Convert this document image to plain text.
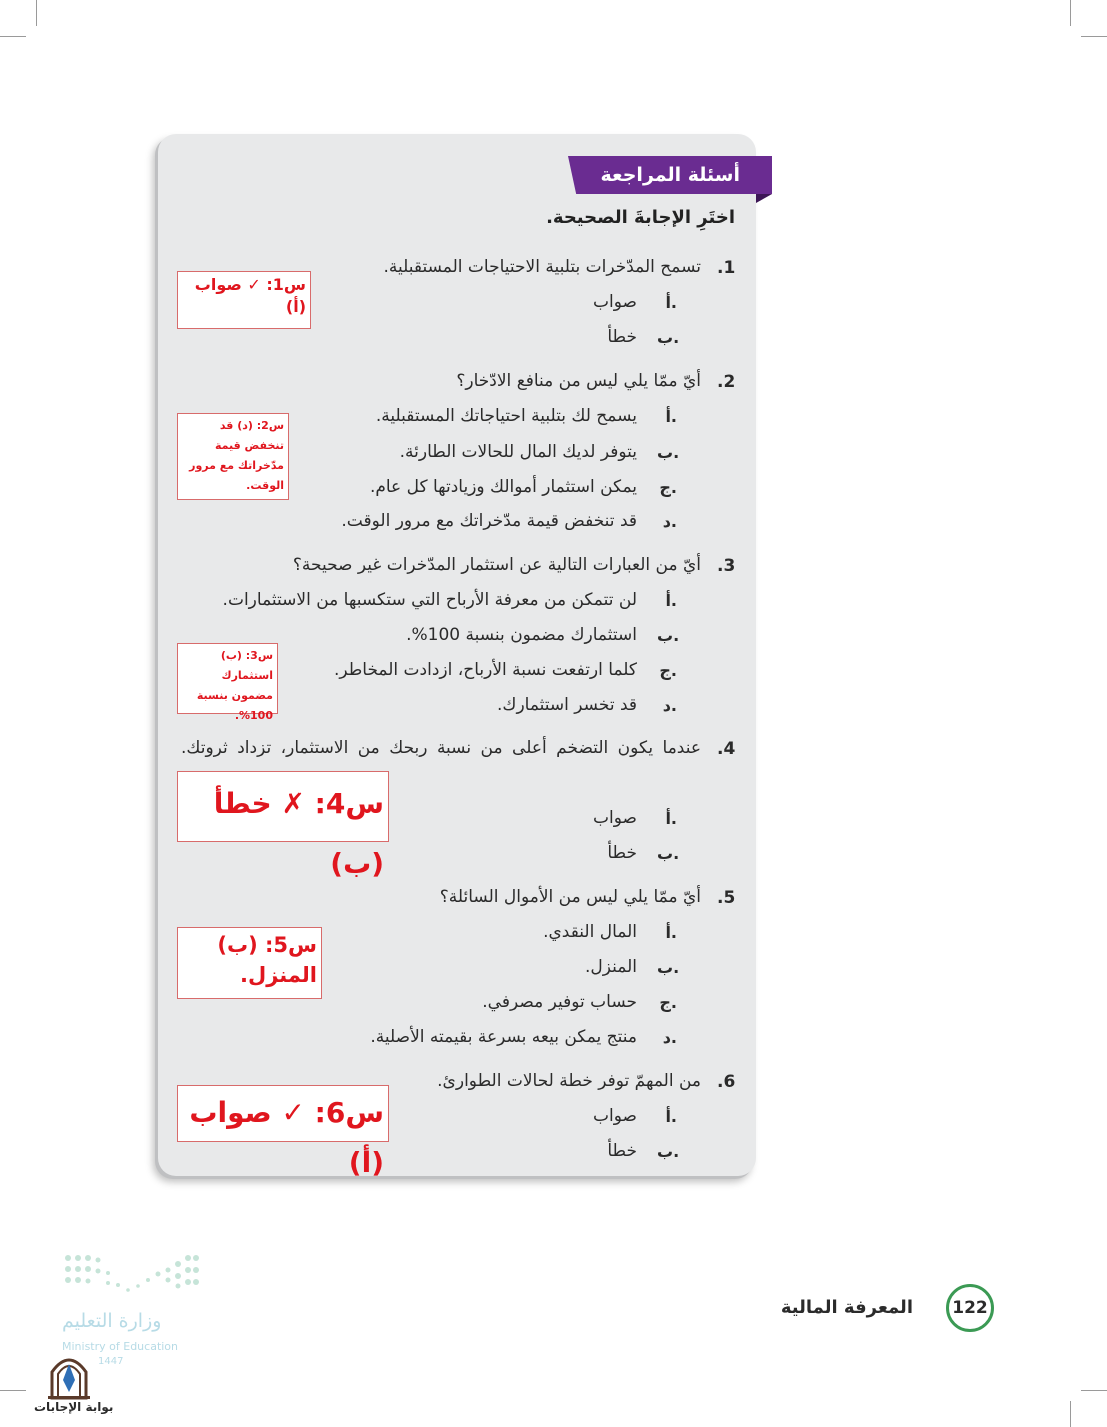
أسئلة المراجعة
اختَرِ الإجابةَ الصحيحة.
.1
تسمح المدّخرات بتلبية الاحتياجات المستقبلية.
أ.
صواب
ب.
خطأ
.2
أيّ ممّا يلي ليس من منافع الادّخار؟
أ.
يسمح لك بتلبية احتياجاتك المستقبلية.
ب.
يتوفر لديك المال للحالات الطارئة.
ج.
يمكن استثمار أموالك وزيادتها كل عام.
د.
قد تنخفض قيمة مدّخراتك مع مرور الوقت.
.3
أيّ من العبارات التالية عن استثمار المدّخرات غير صحيحة؟
أ.
لن تتمكن من معرفة الأرباح التي ستكسبها من الاستثمارات.
ب.
استثمارك مضمون بنسبة 100%.
ج.
كلما ارتفعت نسبة الأرباح، ازدادت المخاطر.
د.
قد تخسر استثمارك.
.4
عندما يكون التضخم أعلى من نسبة ربحك من الاستثمار، تزداد ثروتك.
أ.
صواب
ب.
خطأ
.5
أيّ ممّا يلي ليس من الأموال السائلة؟
أ.
المال النقدي.
ب.
المنزل.
ج.
حساب توفير مصرفي.
د.
منتج يمكن بيعه بسرعة بقيمته الأصلية.
.6
من المهمّ توفر خطة لحالات الطوارئ.
أ.
صواب
ب.
خطأ
س1: ✓ صواب (أ)
س2: (د) قد تنخفض قيمة مدّخراتك مع مرور الوقت.
س3: (ب) استثمارك مضمون بنسبة 100%.
س4: ✗ خطأ (ب)
س5: (ب) المنزل.
س6: ✓ صواب (أ)
122
المعرفة المالية
وزارة التعليم
Ministry of Education
1447
بوابة الإجابات
